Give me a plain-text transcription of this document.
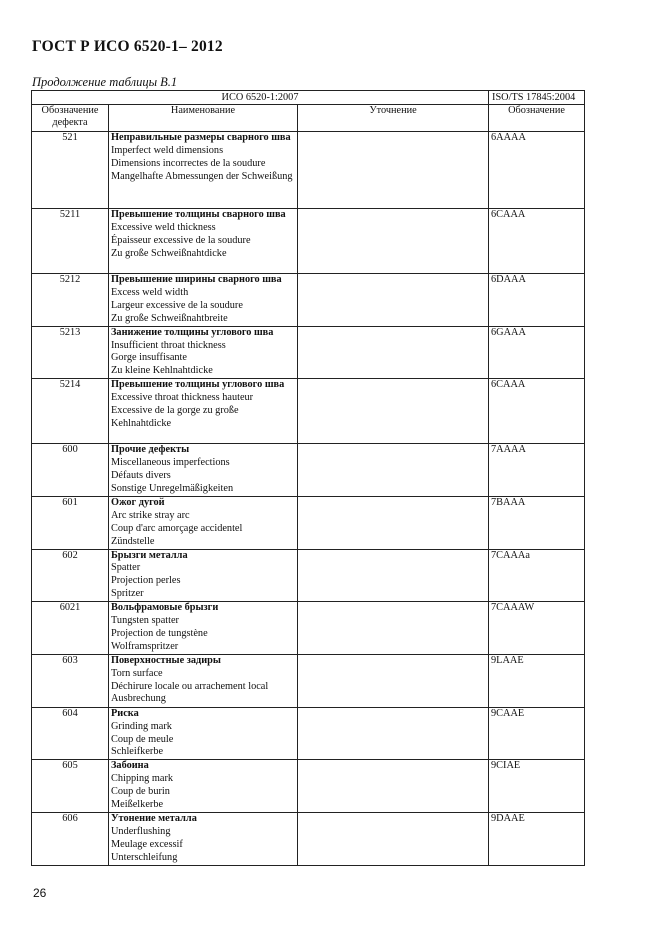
ГОСТ Р ИСО 6520-1– 2012
Продолжение таблицы В.1
ИСО 6520-1:2007			ISO/TS 17845:2004
Обозначение дефекта	Наименование	Уточнение	Обозначение
521	Неправильные размеры сварного шва
Imperfect weld dimensions
Dimensions incorrectes de la soudure
Mangelhafte Abmessungen der Schweißung		6AAAA
5211	Превышение толщины сварного шва
Excessive weld thickness
Épaisseur excessive de la soudure
Zu große Schweißnahtdicke		6CAAA
5212	Превышение ширины сварного шва
Excess weld width
Largeur excessive de la soudure
Zu große Schweißnahtbreite		6DAAA
5213	Занижение толщины углового шва
Insufficient throat thickness
Gorge insuffisante
Zu kleine Kehlnahtdicke		6GAAA
5214	Превышение толщины углового шва
Excessive throat thickness hauteur
Excessive de la gorge zu große
Kehlnahtdicke		6CAAA
600	Прочие дефекты
Miscellaneous imperfections
Défauts divers
Sonstige Unregelmäßigkeiten		7AAAA
601	Ожог дугой
Arc strike stray arc
Coup d'arc amorçage accidentel
Zündstelle		7BAAA
602	Брызги металла
Spatter
Projection perles
Spritzer		7CAAAa
6021	Вольфрамовые брызги
Tungsten spatter
Projection de tungstène
Wolframspritzer		7CAAAW
603	Поверхностные задиры
Torn surface
Déchirure locale ou arrachement local
Ausbrechung		9LAAE
604	Риска
Grinding mark
Coup de meule
Schleifkerbe		9CAAE
605	Забоина
Chipping mark
Coup de burin
Meißelkerbe		9CIAE
606	Утонение металла
Underflushing
Meulage excessif
Unterschleifung		9DAAE
26
